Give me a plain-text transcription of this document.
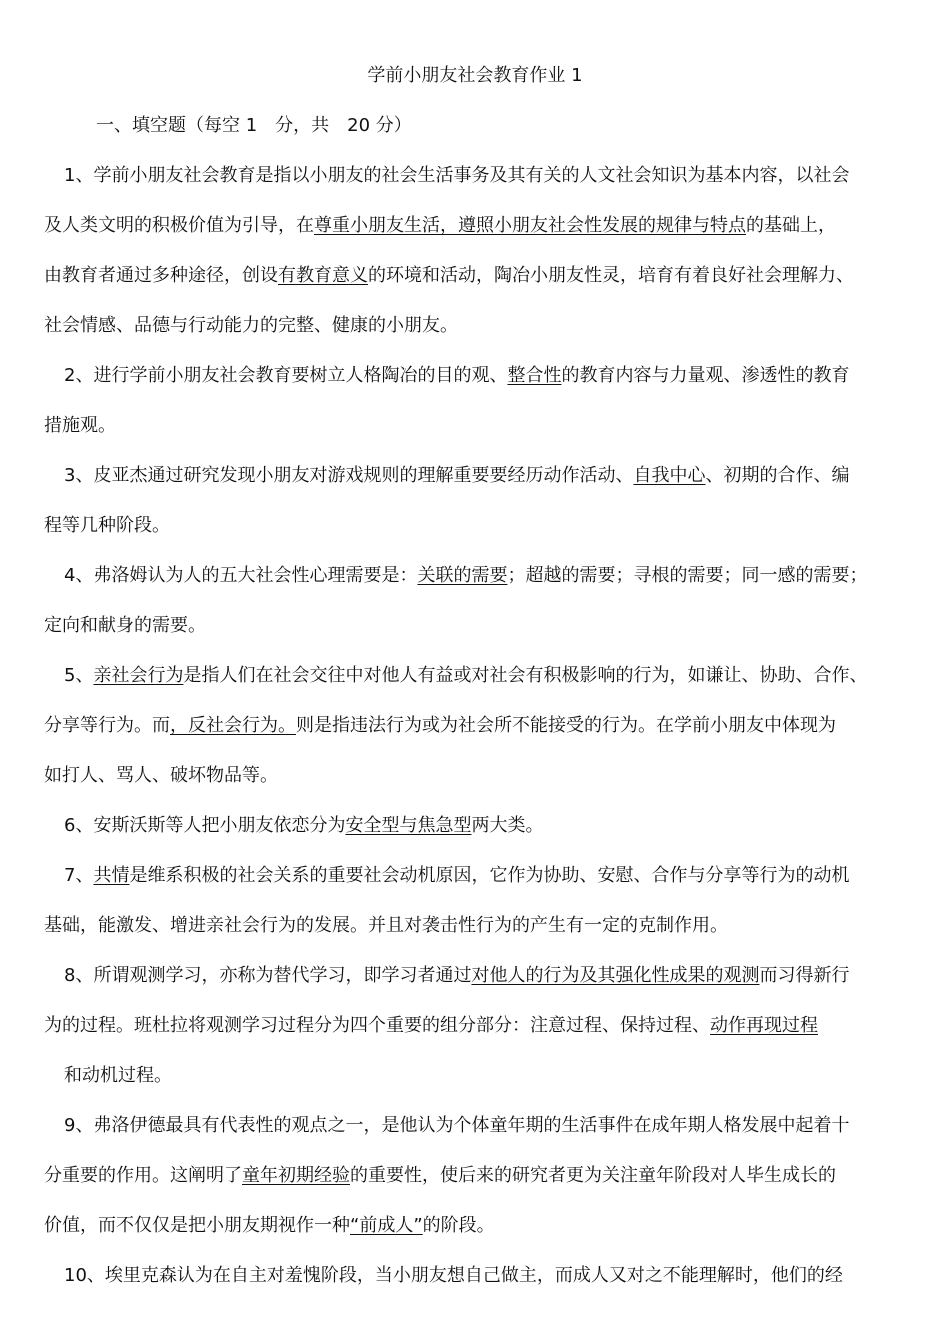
学前小朋友社会教育作业 1
一、填空题（每空 1　分，共　20 分）
1、学前小朋友社会教育是指以小朋友的社会生活事务及其有关的人文社会知识为基本内容，以社会
及人类文明的积极价值为引导，在尊重小朋友生活，遵照小朋友社会性发展的规律与特点的基础上，
由教育者通过多种途径，创设有教育意义的环境和活动，陶冶小朋友性灵，培育有着良好社会理解力、
社会情感、品德与行动能力的完整、健康的小朋友。
2、进行学前小朋友社会教育要树立人格陶冶的目的观、整合性的教育内容与力量观、渗透性的教育
措施观。
3、皮亚杰通过研究发现小朋友对游戏规则的理解重要要经历动作活动、自我中心、初期的合作、编
程等几种阶段。
4、弗洛姆认为人的五大社会性心理需要是：关联的需要；超越的需要；寻根的需要；同一感的需要；
定向和献身的需要。
5、亲社会行为是指人们在社会交往中对他人有益或对社会有积极影响的行为，如谦让、协助、合作、
分享等行为。而，反社会行为。则是指违法行为或为社会所不能接受的行为。在学前小朋友中体现为
如打人、骂人、破坏物品等。
6、安斯沃斯等人把小朋友依恋分为安全型与焦急型两大类。
7、共情是维系积极的社会关系的重要社会动机原因，它作为协助、安慰、合作与分享等行为的动机
基础，能激发、增进亲社会行为的发展。并且对袭击性行为的产生有一定的克制作用。
8、所谓观测学习，亦称为替代学习，即学习者通过对他人的行为及其强化性成果的观测而习得新行
为的过程。班杜拉将观测学习过程分为四个重要的组分部分：注意过程、保持过程、动作再现过程
和动机过程。
9、弗洛伊德最具有代表性的观点之一，是他认为个体童年期的生活事件在成年期人格发展中起着十
分重要的作用。这阐明了童年初期经验的重要性，使后来的研究者更为关注童年阶段对人毕生成长的
价值，而不仅仅是把小朋友期视作一种“前成人”的阶段。
10、埃里克森认为在自主对羞愧阶段，当小朋友想自己做主，而成人又对之不能理解时，他们的经
